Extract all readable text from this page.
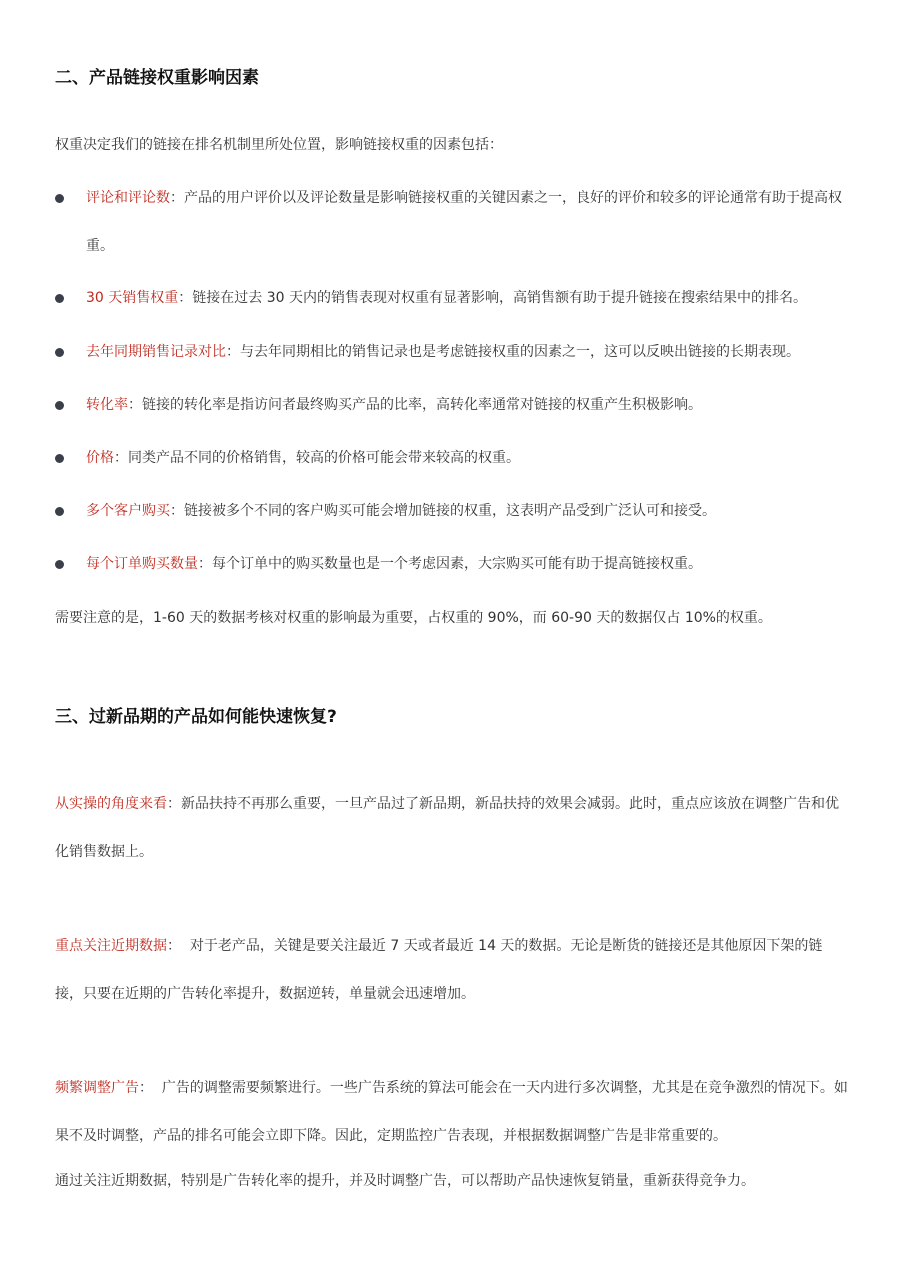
二、产品链接权重影响因素

权重决定我们的链接在排名机制里所处位置，影响链接权重的因素包括：

评论和评论数：产品的用户评价以及评论数量是影响链接权重的关键因素之一，良好的评价和较多的评论通常有助于提高权重。
30 天销售权重：链接在过去 30 天内的销售表现对权重有显著影响，高销售额有助于提升链接在搜索结果中的排名。
去年同期销售记录对比：与去年同期相比的销售记录也是考虑链接权重的因素之一，这可以反映出链接的长期表现。
转化率：链接的转化率是指访问者最终购买产品的比率，高转化率通常对链接的权重产生积极影响。
价格：同类产品不同的价格销售，较高的价格可能会带来较高的权重。
多个客户购买：链接被多个不同的客户购买可能会增加链接的权重，这表明产品受到广泛认可和接受。
每个订单购买数量：每个订单中的购买数量也是一个考虑因素，大宗购买可能有助于提高链接权重。

需要注意的是，1-60 天的数据考核对权重的影响最为重要，占权重的 90%，而 60-90 天的数据仅占 10%的权重。

三、过新品期的产品如何能快速恢复?

从实操的角度来看：新品扶持不再那么重要，一旦产品过了新品期，新品扶持的效果会减弱。此时，重点应该放在调整广告和优化销售数据上。

重点关注近期数据：  对于老产品，关键是要关注最近 7 天或者最近 14 天的数据。无论是断货的链接还是其他原因下架的链接，只要在近期的广告转化率提升，数据逆转，单量就会迅速增加。

频繁调整广告：  广告的调整需要频繁进行。一些广告系统的算法可能会在一天内进行多次调整，尤其是在竞争激烈的情况下。如果不及时调整，产品的排名可能会立即下降。因此，定期监控广告表现，并根据数据调整广告是非常重要的。

通过关注近期数据，特别是广告转化率的提升，并及时调整广告，可以帮助产品快速恢复销量，重新获得竞争力。
